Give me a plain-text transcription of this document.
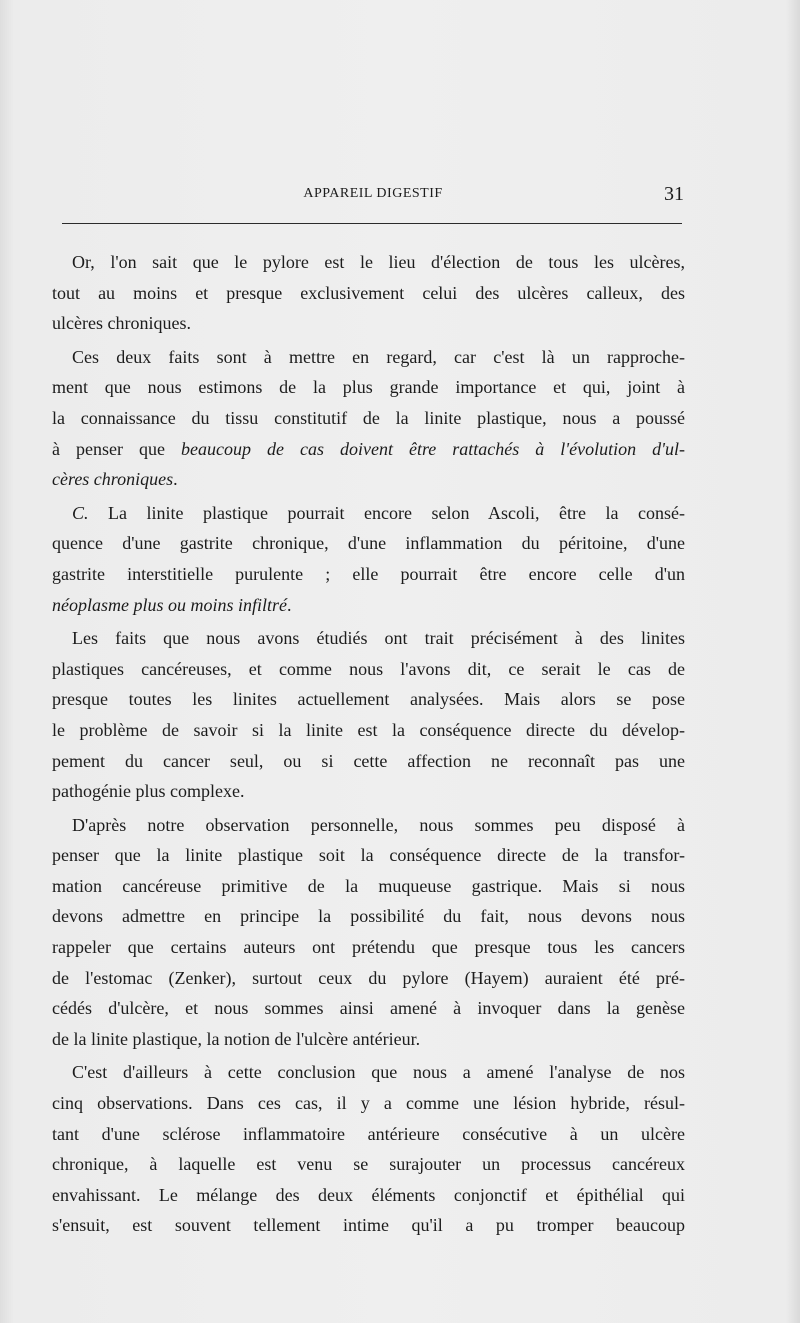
APPAREIL DIGESTIF	31
Or, l'on sait que le pylore est le lieu d'élection de tous les ulcères,
tout au moins et presque exclusivement celui des ulcères calleux, des
ulcères chroniques.
Ces deux faits sont à mettre en regard, car c'est là un rapproche-
ment que nous estimons de la plus grande importance et qui, joint à
la connaissance du tissu constitutif de la linite plastique, nous a poussé
à penser que beaucoup de cas doivent être rattachés à l'évolution d'ul-
cères chroniques.
C. La linite plastique pourrait encore selon Ascoli, être la consé-
quence d'une gastrite chronique, d'une inflammation du péritoine, d'une
gastrite interstitielle purulente ; elle pourrait être encore celle d'un
néoplasme plus ou moins infiltré.
Les faits que nous avons étudiés ont trait précisément à des linites
plastiques cancéreuses, et comme nous l'avons dit, ce serait le cas de
presque toutes les linites actuellement analysées. Mais alors se pose
le problème de savoir si la linite est la conséquence directe du dévelop-
pement du cancer seul, ou si cette affection ne reconnaît pas une
pathogénie plus complexe.
D'après notre observation personnelle, nous sommes peu disposé à
penser que la linite plastique soit la conséquence directe de la transfor-
mation cancéreuse primitive de la muqueuse gastrique. Mais si nous
devons admettre en principe la possibilité du fait, nous devons nous
rappeler que certains auteurs ont prétendu que presque tous les cancers
de l'estomac (Zenker), surtout ceux du pylore (Hayem) auraient été pré-
cédés d'ulcère, et nous sommes ainsi amené à invoquer dans la genèse
de la linite plastique, la notion de l'ulcère antérieur.
C'est d'ailleurs à cette conclusion que nous a amené l'analyse de nos
cinq observations. Dans ces cas, il y a comme une lésion hybride, résul-
tant d'une sclérose inflammatoire antérieure consécutive à un ulcère
chronique, à laquelle est venu se surajouter un processus cancéreux
envahissant. Le mélange des deux éléments conjonctif et épithélial qui
s'ensuit, est souvent tellement intime qu'il a pu tromper beaucoup
